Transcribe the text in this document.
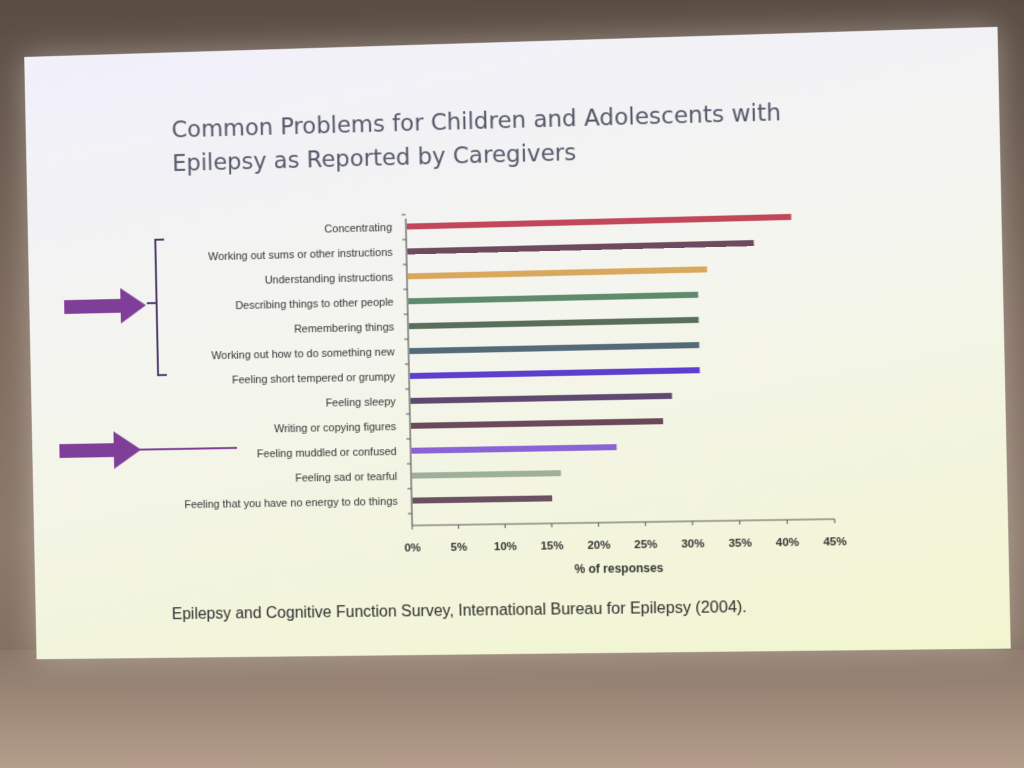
Common Problems for Children and Adolescents with
Epilepsy as Reported by Caregivers
Concentrating
Working out sums or other instructions
Understanding instructions
Describing things to other people
Remembering things
Working out how to do something new
Feeling short tempered or grumpy
Feeling sleepy
Writing or copying figures
Feeling muddled or confused
Feeling sad or tearful
Feeling that you have no energy to do things
0%	5% 10% 15% 20% 25% 30% 35% 40% 45%
% of responses
Epilepsy and Cognitive Function Survey, International Bureau for Epilepsy (2004).
